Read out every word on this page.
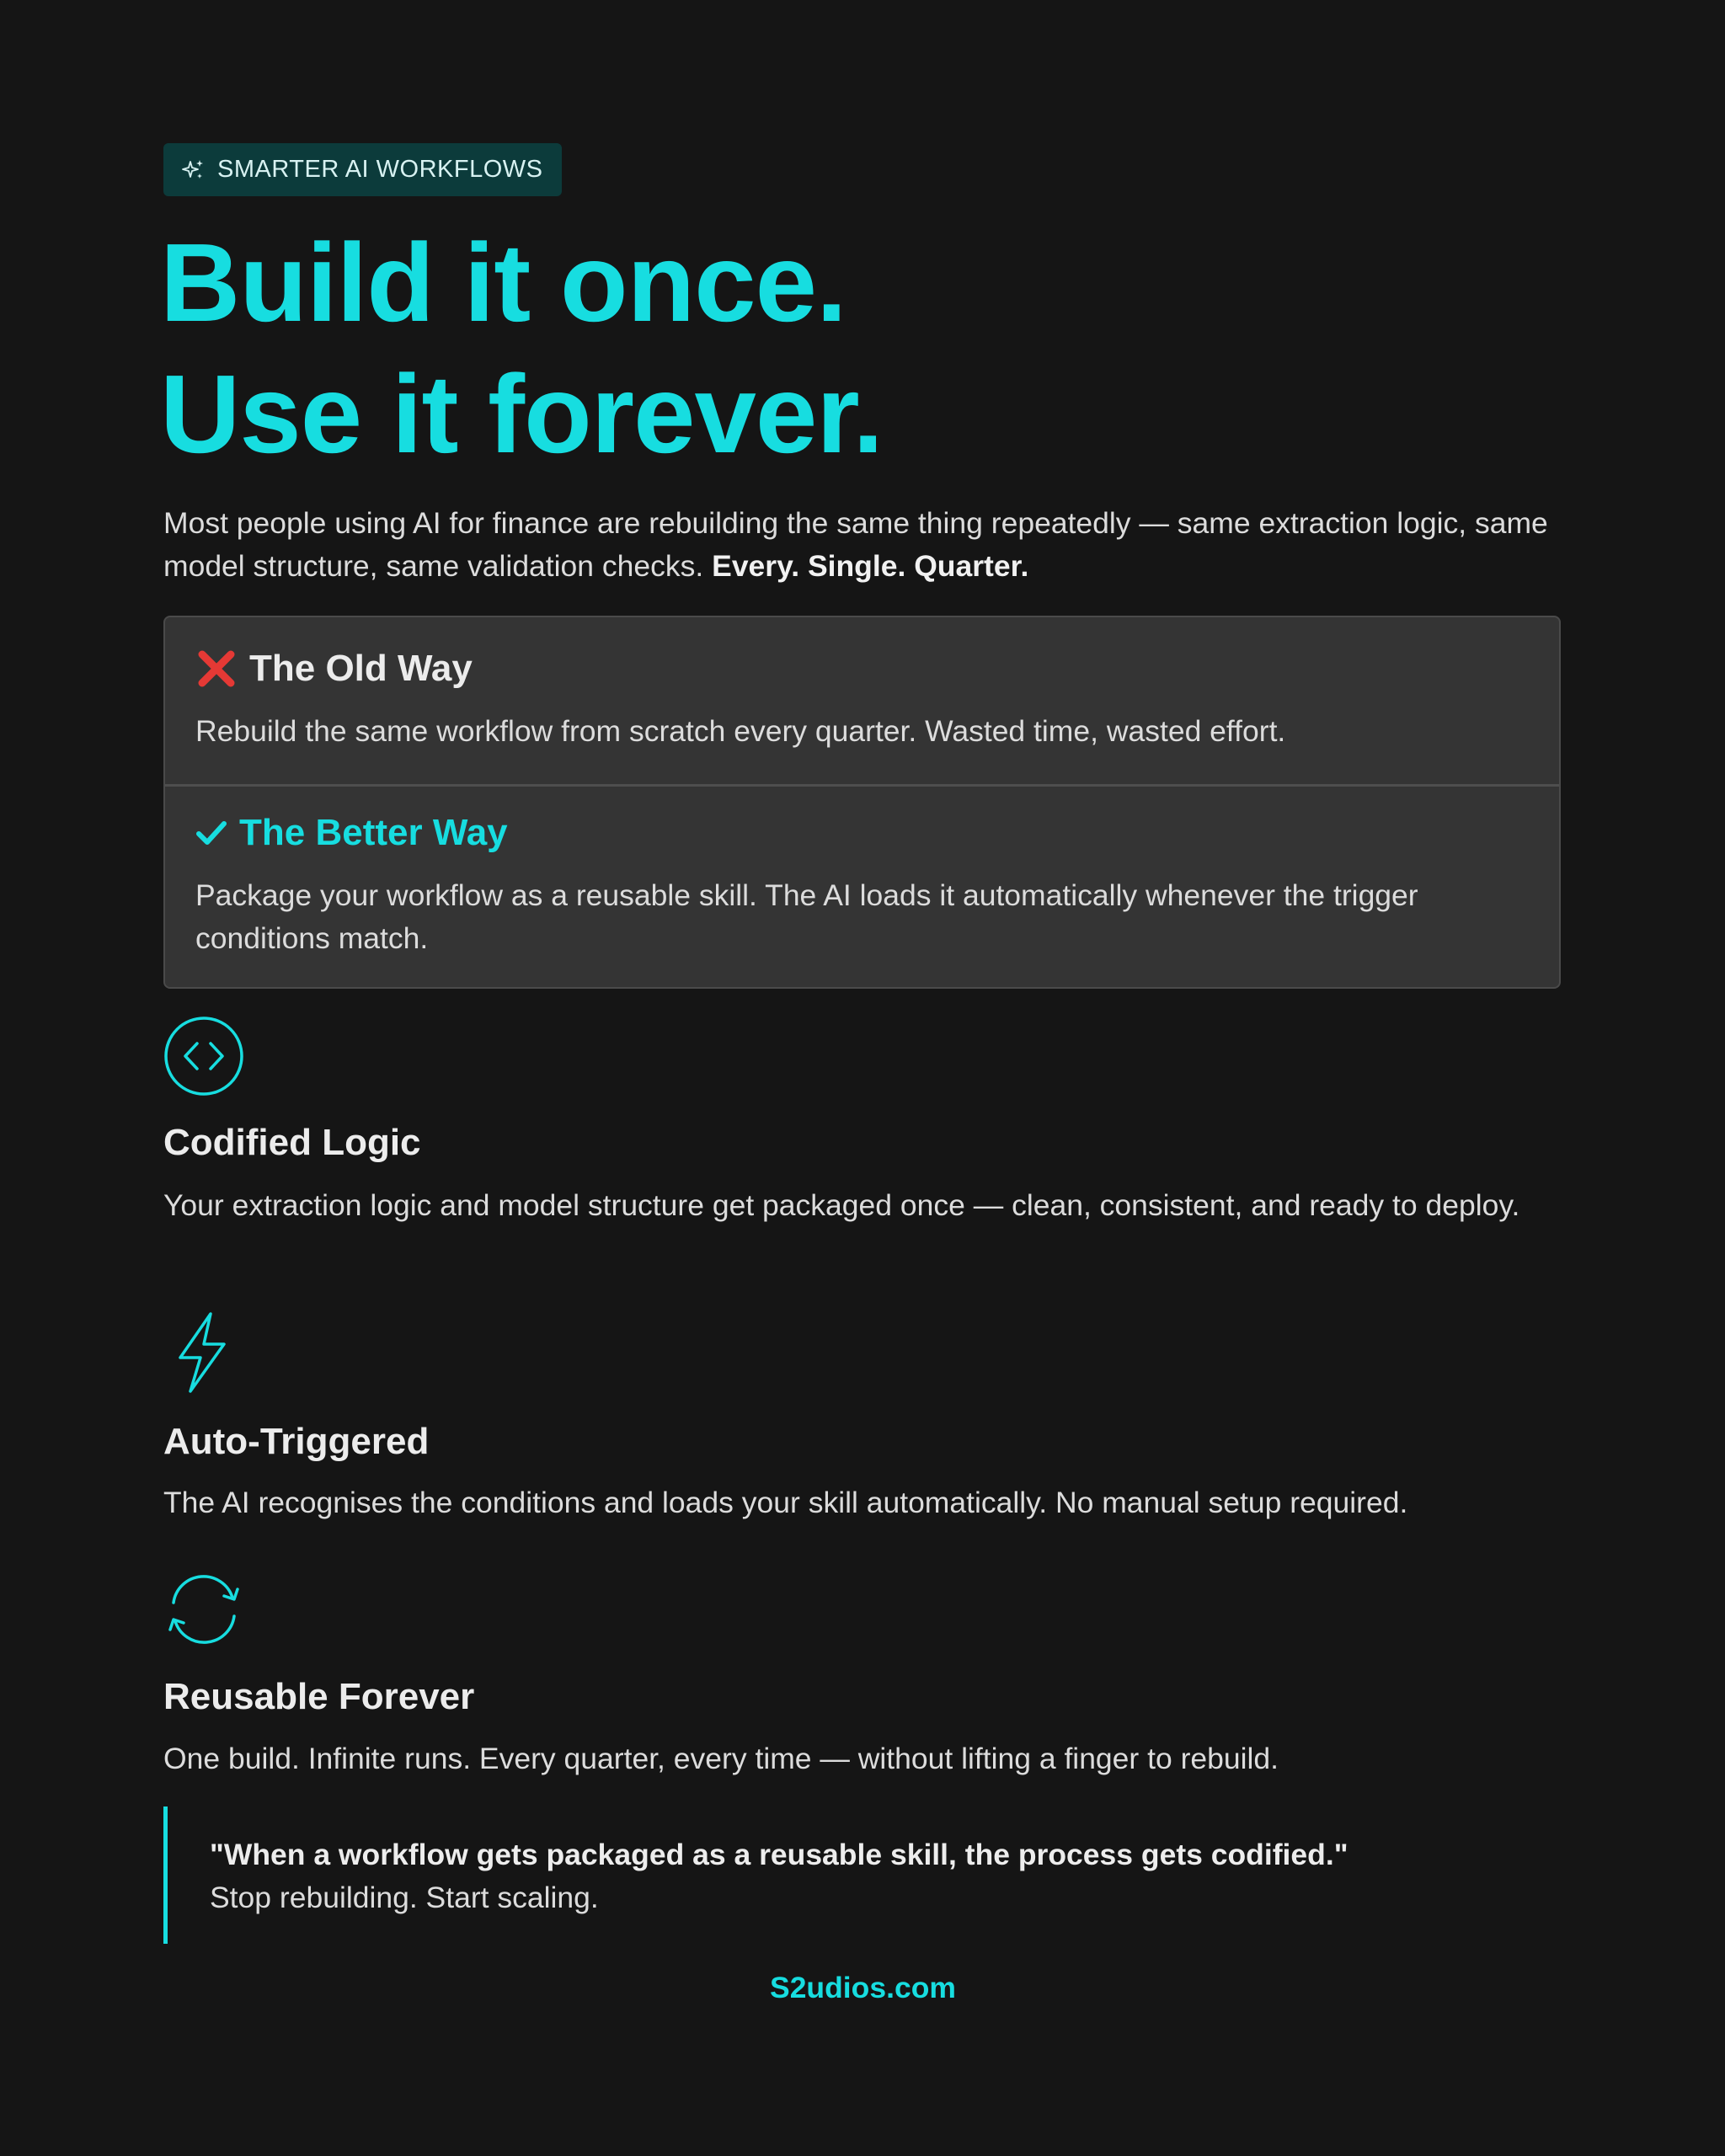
SMARTER AI WORKFLOWS
Build it once.
Use it forever.

Most people using AI for finance are rebuilding the same thing repeatedly — same extraction logic, same model structure, same validation checks. Every. Single. Quarter.

The Old Way

Rebuild the same workflow from scratch every quarter. Wasted time, wasted effort.

The Better Way

Package your workflow as a reusable skill. The AI loads it automatically whenever the trigger conditions match.

Codified Logic

Your extraction logic and model structure get packaged once — clean, consistent, and ready to deploy.

Auto-Triggered

The AI recognises the conditions and loads your skill automatically. No manual setup required.

Reusable Forever

One build. Infinite runs. Every quarter, every time — without lifting a finger to rebuild.

"When a workflow gets packaged as a reusable skill, the process gets codified."

Stop rebuilding. Start scaling.

S2udios.com
